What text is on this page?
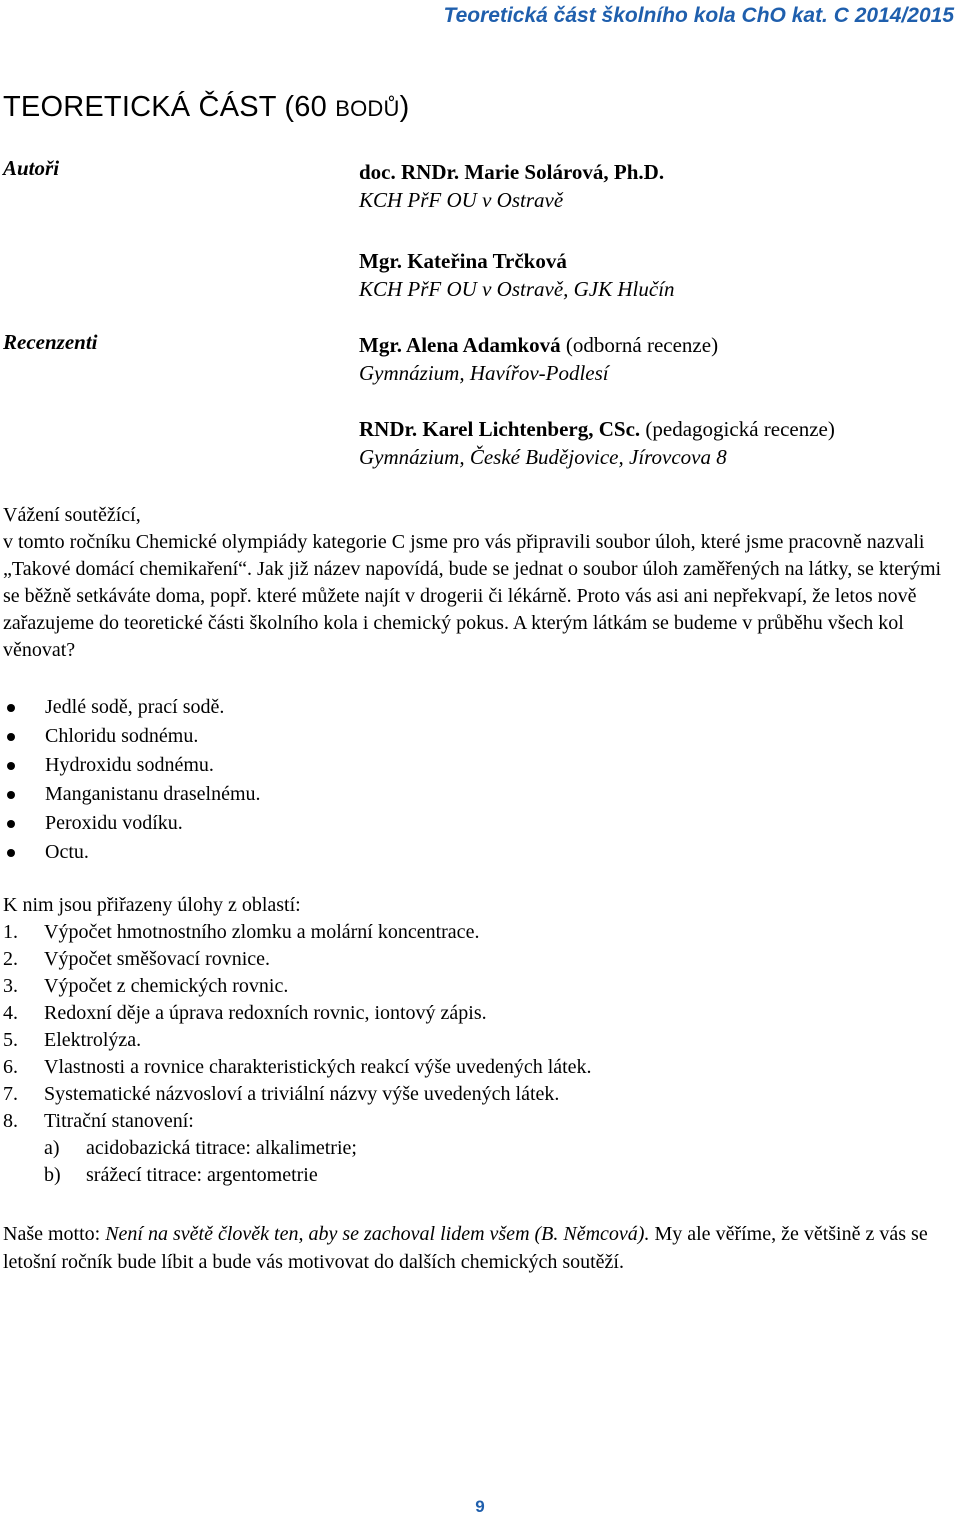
Teoretická část školního kola ChO kat. C 2014/2015
TEORETICKÁ ČÁST (60 BODŮ)
Autoři	doc. RNDr. Marie Solárová, Ph.D.
KCH PřF OU v Ostravě
Mgr. Kateřina Trčková
KCH PřF OU v Ostravě, GJK Hlučín
Recenzenti	Mgr. Alena Adamková (odborná recenze)
Gymnázium, Havířov-Podlesí
RNDr. Karel Lichtenberg, CSc. (pedagogická recenze)
Gymnázium, České Budějovice, Jírovcova 8

Vážení soutěžící,

v tomto ročníku Chemické olympiády kategorie C jsme pro vás připravili soubor úloh, které jsme pracovně nazvali „Takové domácí chemikaření“. Jak již název napovídá, bude se jednat o soubor úloh zaměřených na látky, se kterými se běžně setkáváte doma, popř. které můžete najít v drogerii či lékárně. Proto vás asi ani nepřekvapí, že letos nově zařazujeme do teoretické části školního kola i chemický pokus. A kterým látkám se budeme v průběhu všech kol věnovat?

Jedlé sodě, prací sodě.
Chloridu sodnému.
Hydroxidu sodnému.
Manganistanu draselnému.
Peroxidu vodíku.
Octu.
K nim jsou přiřazeny úlohy z oblastí:
1.	Výpočet hmotnostního zlomku a molární koncentrace.
2.	Výpočet směšovací rovnice.
3.	Výpočet z chemických rovnic.
4.	Redoxní děje a úprava redoxních rovnic, iontový zápis.
5.	Elektrolýza.
6.	Vlastnosti a rovnice charakteristických reakcí výše uvedených látek.
7.	Systematické názvosloví a triviální názvy výše uvedených látek.
8.	Titrační stanovení:
a)	acidobazická titrace: alkalimetrie;
b)	srážecí titrace: argentometrie
Naše motto: Není na světě člověk ten, aby se zachoval lidem všem (B. Němcová). My ale věříme, že většině z vás se letošní ročník bude líbit a bude vás motivovat do dalších chemických soutěží.
9
